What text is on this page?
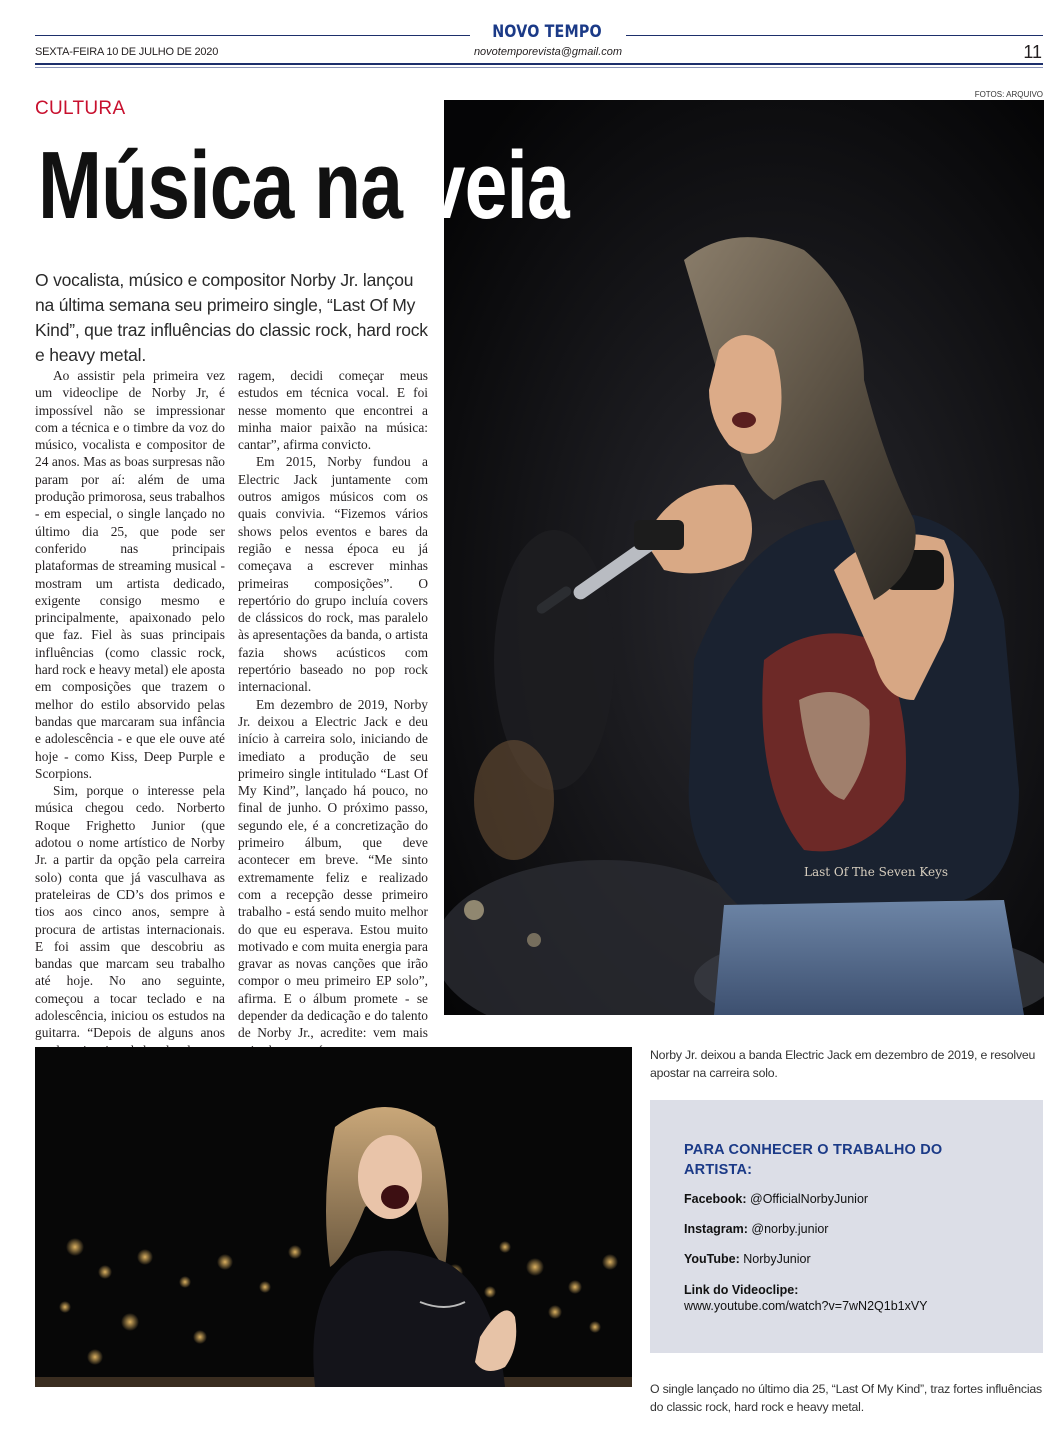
NOVO TEMPO
SEXTA-FEIRA 10 DE JULHO DE 2020	novotemporevista@gmail.com	11
CULTURA
FOTOS: ARQUIVO
Last Of The Seven Keys
Música na veia
O vocalista, músico e compositor Norby Jr. lançou na última semana seu primeiro single, “Last Of My Kind”, que traz influências do classic rock, hard rock e heavy metal.

Ao assistir pela primeira vez um videoclipe de Norby Jr, é impossível não se impressionar com a técnica e o timbre da voz do músico, vocalista e compositor de 24 anos. Mas as boas surpresas não param por aí: além de uma produção primorosa, seus trabalhos - em especial, o single lançado no último dia 25, que pode ser conferido nas principais plataformas de streaming musical - mostram um artista dedicado, exigente consigo mesmo e principalmente, apaixonado pelo que faz. Fiel às suas principais influências (como classic rock, hard rock e heavy metal) ele aposta em composições que trazem o melhor do estilo absorvido pelas bandas que marcaram sua infância e adolescência - e que ele ouve até hoje - como Kiss, Deep Purple e Scorpions.

Sim, porque o interesse pela música chegou cedo. Norberto Roque Frighetto Junior (que adotou o nome artístico de Norby Jr. a partir da opção pela carreira solo) conta que já vasculhava as prateleiras de CD’s dos primos e tios aos cinco anos, sempre à procura de artistas internacionais. E foi assim que descobriu as bandas que marcam seu trabalho até hoje. No ano seguinte, começou a tocar teclado e na adolescência, iniciou os estudos na guitarra. “Depois de alguns anos

ragem, decidi começar meus estudos em técnica vocal. E foi nesse momento que encontrei a minha maior paixão na música: cantar”, afirma convicto.

Em 2015, Norby fundou a Electric Jack juntamente com outros amigos músicos com os quais convivia. “Fizemos vários shows pelos eventos e bares da região e nessa época eu já começava a escrever minhas primeiras composições”. O repertório do grupo incluía covers de clássicos do rock, mas paralelo às apresentações da banda, o artista fazia shows acústicos com repertório baseado no pop rock internacional.

Em dezembro de 2019, Norby Jr. deixou a Electric Jack e deu início à carreira solo, iniciando de imediato a produção de seu primeiro single intitulado “Last Of My Kind”, lançado há pouco, no final de junho. O próximo passo, segundo ele, é a concretização do primeiro álbum, que deve acontecer em breve. “Me sinto extremamente feliz e realizado com a recepção desse primeiro trabalho - está sendo muito melhor do que eu esperava. Estou muito motivado e com muita energia para gravar as novas canções que irão compor o meu primeiro EP solo”, afirma. E o álbum promete - se depender da dedicação e do talento de Norby Jr., acredite: vem mais

Norby Jr. deixou a banda Electric Jack em dezembro de 2019, e resolveu apostar na carreira solo.
O single lançado no último dia 25, “Last Of My Kind”, traz fortes influências do classic rock, hard rock e heavy metal.
PARA CONHECER O TRABALHO DO ARTISTA:
Facebook: @OfficialNorbyJunior
Instagram: @norby.junior
YouTube: NorbyJunior
Link do Videoclipe:
www.youtube.com/watch?v=7wN2Q1b1xVY
